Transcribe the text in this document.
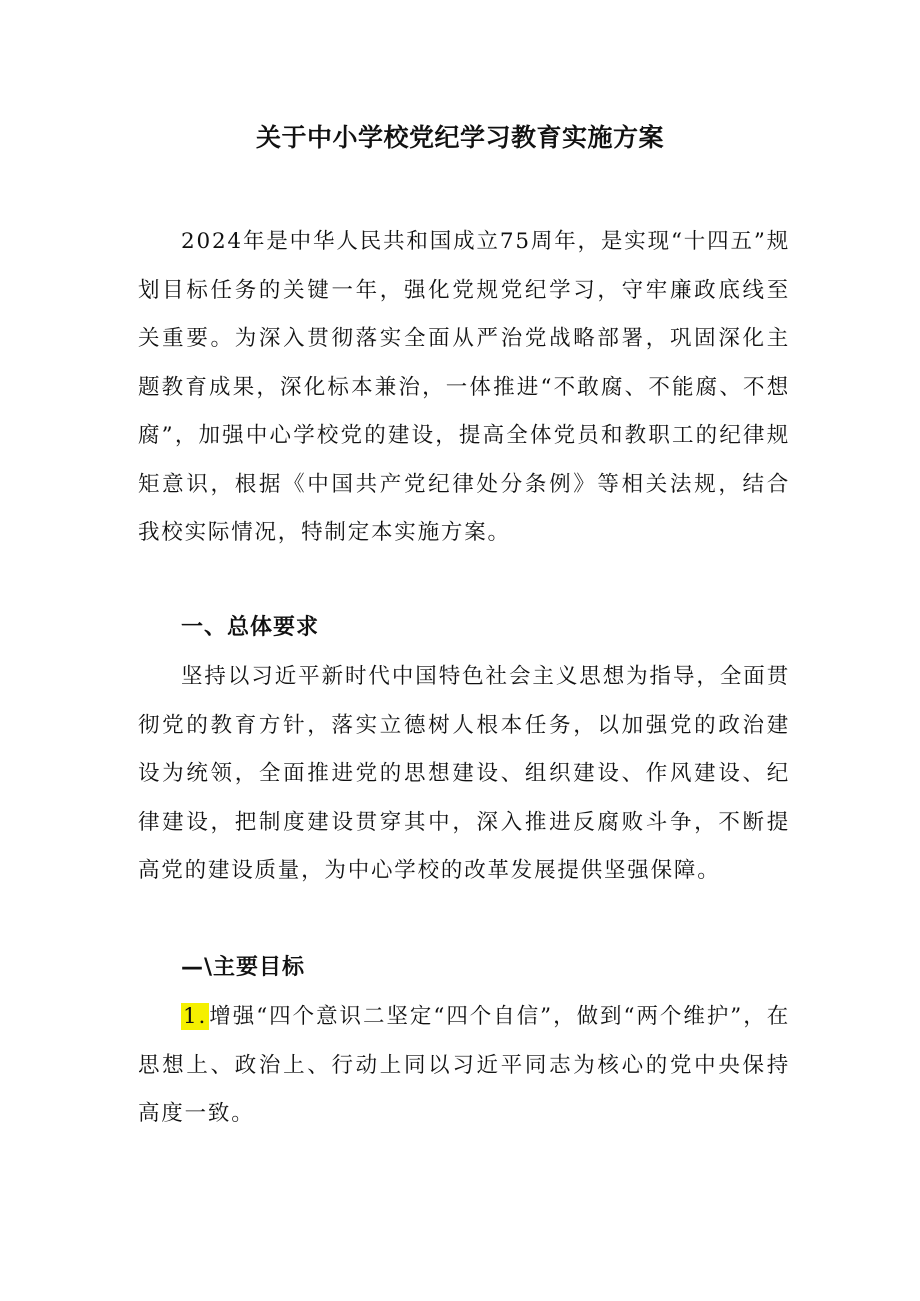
关于中小学校党纪学习教育实施方案

2024年是中华人民共和国成立75周年，是实现“十四五”规划目标任务的关键一年，强化党规党纪学习，守牢廉政底线至关重要。为深入贯彻落实全面从严治党战略部署，巩固深化主题教育成果，深化标本兼治，一体推进“不敢腐、不能腐、不想腐”，加强中心学校党的建设，提高全体党员和教职工的纪律规矩意识，根据《中国共产党纪律处分条例》等相关法规，结合我校实际情况，特制定本实施方案。

一、总体要求

坚持以习近平新时代中国特色社会主义思想为指导，全面贯彻党的教育方针，落实立德树人根本任务，以加强党的政治建设为统领，全面推进党的思想建设、组织建设、作风建设、纪律建设，把制度建设贯穿其中，深入推进反腐败斗争，不断提高党的建设质量，为中心学校的改革发展提供坚强保障。

—\主要目标

1.增强“四个意识二坚定“四个自信”，做到“两个维护”，在思想上、政治上、行动上同以习近平同志为核心的党中央保持高度一致。
